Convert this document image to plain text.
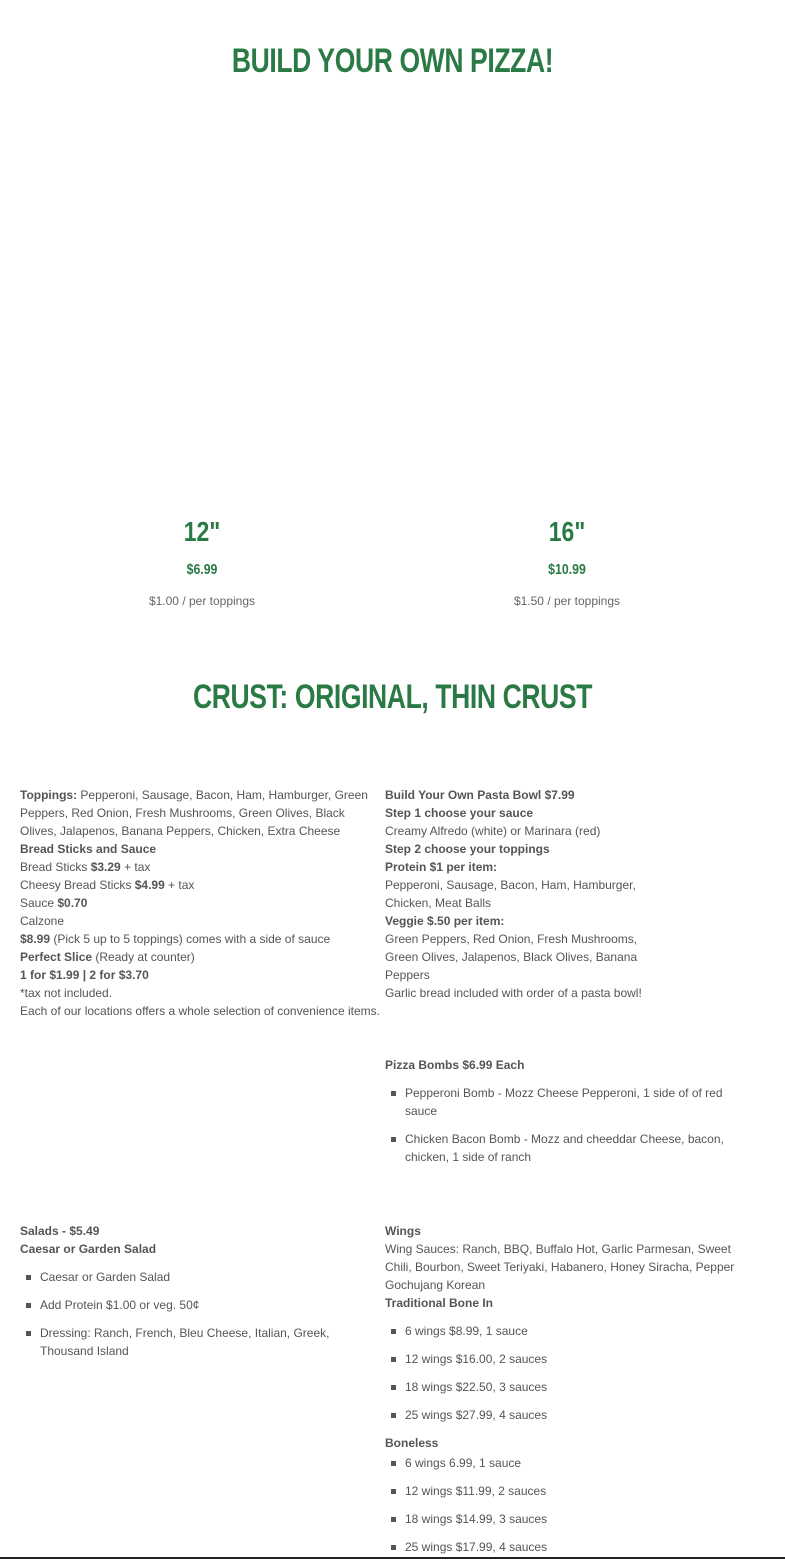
BUILD YOUR OWN PIZZA!
12"
$6.99
$1.00 / per toppings
16"
$10.99
$1.50 / per toppings
CRUST: ORIGINAL, THIN CRUST

Toppings: Pepperoni, Sausage, Bacon, Ham, Hamburger, Green Peppers, Red Onion, Fresh Mushrooms, Green Olives, Black Olives, Jalapenos, Banana Peppers, Chicken, Extra Cheese

Bread Sticks and Sauce

Bread Sticks $3.29 + tax

Cheesy Bread Sticks $4.99 + tax

Sauce $0.70

Calzone

$8.99 (Pick 5 up to 5 toppings) comes with a side of sauce

Perfect Slice (Ready at counter)

1 for $1.99 | 2 for $3.70

*tax not included.

Each of our locations offers a whole selection of convenience items.

Build Your Own Pasta Bowl $7.99

Step 1 choose your sauce

Creamy Alfredo (white) or Marinara (red)

Step 2 choose your toppings

Protein $1 per item:

Pepperoni, Sausage, Bacon, Ham, Hamburger, Chicken, Meat Balls

Veggie $.50 per item:

Green Peppers, Red Onion, Fresh Mushrooms, Green Olives, Jalapenos, Black Olives, Banana Peppers

Garlic bread included with order of a pasta bowl!

Pizza Bombs $6.99 Each

Pepperoni Bomb - Mozz Cheese Pepperoni, 1 side of of red sauce
Chicken Bacon Bomb - Mozz and cheeddar Cheese, bacon, chicken, 1 side of ranch

Salads - $5.49

Caesar or Garden Salad

Caesar or Garden Salad
Add Protein $1.00 or veg. 50¢
Dressing: Ranch, French, Bleu Cheese, Italian, Greek, Thousand Island

Wings

Wing Sauces: Ranch, BBQ, Buffalo Hot, Garlic Parmesan, Sweet Chili, Bourbon, Sweet Teriyaki, Habanero, Honey Siracha, Pepper Gochujang Korean

Traditional Bone In

6 wings $8.99, 1 sauce
12 wings $16.00, 2 sauces
18 wings $22.50, 3 sauces
25 wings $27.99, 4 sauces

Boneless

6 wings 6.99, 1 sauce
12 wings $11.99, 2 sauces
18 wings $14.99, 3 sauces
25 wings $17.99, 4 sauces
